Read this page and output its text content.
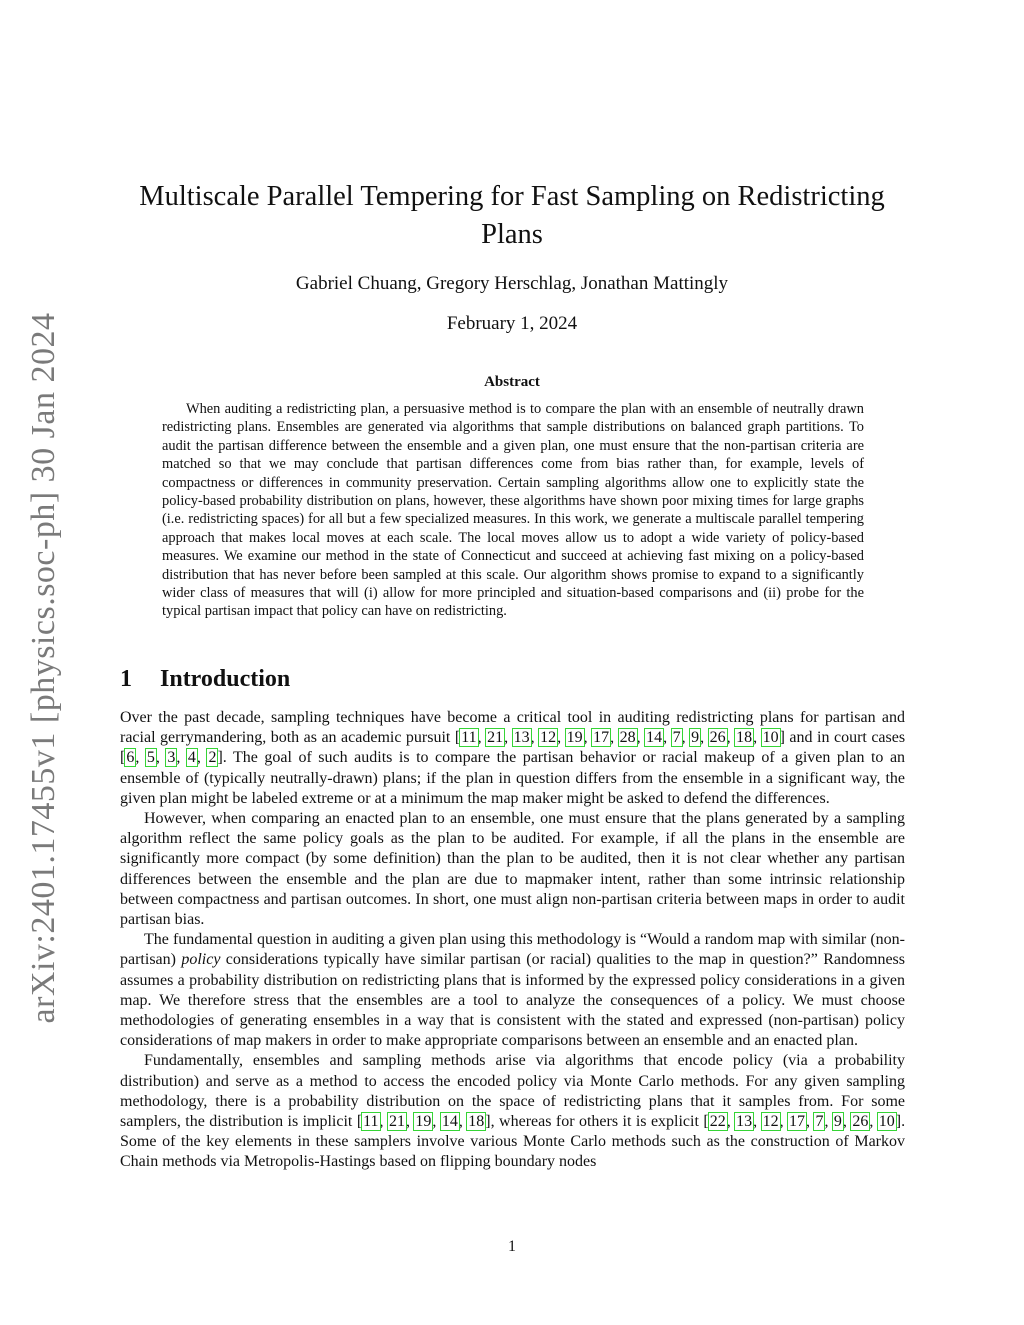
arXiv:2401.17455v1 [physics.soc-ph] 30 Jan 2024
Multiscale Parallel Tempering for Fast Sampling on Redistricting Plans
Gabriel Chuang, Gregory Herschlag, Jonathan Mattingly
February 1, 2024
Abstract

When auditing a redistricting plan, a persuasive method is to compare the plan with an ensemble of neutrally drawn redistricting plans. Ensembles are generated via algorithms that sample distributions on balanced graph partitions. To audit the partisan difference between the ensemble and a given plan, one must ensure that the non-partisan criteria are matched so that we may conclude that partisan differences come from bias rather than, for example, levels of compactness or differences in community preservation. Certain sampling algorithms allow one to explicitly state the policy-based probability distribution on plans, however, these algorithms have shown poor mixing times for large graphs (i.e. redistricting spaces) for all but a few specialized measures. In this work, we generate a multiscale parallel tempering approach that makes local moves at each scale. The local moves allow us to adopt a wide variety of policy-based measures. We examine our method in the state of Connecticut and succeed at achieving fast mixing on a policy-based distribution that has never before been sampled at this scale. Our algorithm shows promise to expand to a significantly wider class of measures that will (i) allow for more principled and situation-based comparisons and (ii) probe for the typical partisan impact that policy can have on redistricting.

1 Introduction

Over the past decade, sampling techniques have become a critical tool in auditing redistricting plans for partisan and racial gerrymandering, both as an academic pursuit [11, 21, 13, 12, 19, 17, 28, 14, 7, 9, 26, 18, 10] and in court cases [6, 5, 3, 4, 2]. The goal of such audits is to compare the partisan behavior or racial makeup of a given plan to an ensemble of (typically neutrally-drawn) plans; if the plan in question differs from the ensemble in a significant way, the given plan might be labeled extreme or at a minimum the map maker might be asked to defend the differences.

However, when comparing an enacted plan to an ensemble, one must ensure that the plans generated by a sampling algorithm reflect the same policy goals as the plan to be audited. For example, if all the plans in the ensemble are significantly more compact (by some definition) than the plan to be audited, then it is not clear whether any partisan differences between the ensemble and the plan are due to mapmaker intent, rather than some intrinsic relationship between compactness and partisan outcomes. In short, one must align non-partisan criteria between maps in order to audit partisan bias.

The fundamental question in auditing a given plan using this methodology is “Would a random map with similar (non-partisan) policy considerations typically have similar partisan (or racial) qualities to the map in question?” Randomness assumes a probability distribution on redistricting plans that is informed by the expressed policy considerations in a given map. We therefore stress that the ensembles are a tool to analyze the consequences of a policy. We must choose methodologies of generating ensembles in a way that is consistent with the stated and expressed (non-partisan) policy considerations of map makers in order to make appropriate comparisons between an ensemble and an enacted plan.

Fundamentally, ensembles and sampling methods arise via algorithms that encode policy (via a probability distribution) and serve as a method to access the encoded policy via Monte Carlo methods. For any given sampling methodology, there is a probability distribution on the space of redistricting plans that it samples from. For some samplers, the distribution is implicit [11, 21, 19, 14, 18], whereas for others it is explicit [22, 13, 12, 17, 7, 9, 26, 10]. Some of the key elements in these samplers involve various Monte Carlo methods such as the construction of Markov Chain methods via Metropolis-Hastings based on flipping boundary nodes

1
